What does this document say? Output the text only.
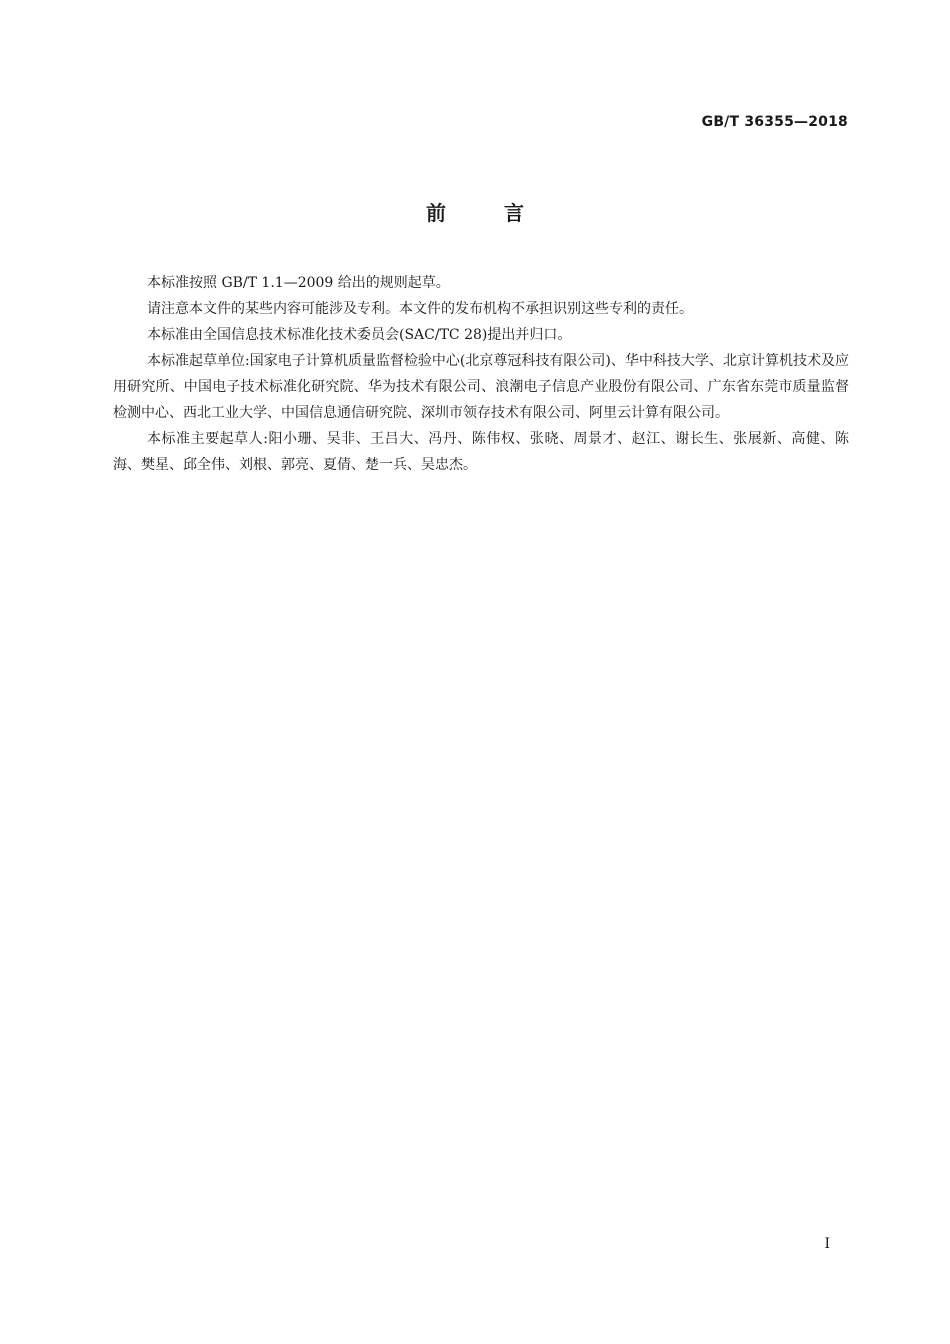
GB/T 36355—2018
前	言

本标准按照 GB/T 1.1—2009 给出的规则起草。

请注意本文件的某些内容可能涉及专利。本文件的发布机构不承担识别这些专利的责任。

本标准由全国信息技术标准化技术委员会(SAC/TC 28)提出并归口。

本标准起草单位:国家电子计算机质量监督检验中心(北京尊冠科技有限公司)、华中科技大学、北京计算机技术及应用研究所、中国电子技术标准化研究院、华为技术有限公司、浪潮电子信息产业股份有限公司、广东省东莞市质量监督检测中心、西北工业大学、中国信息通信研究院、深圳市领存技术有限公司、阿里云计算有限公司。

本标准主要起草人:阳小珊、吴非、王吕大、冯丹、陈伟权、张晓、周景才、赵江、谢长生、张展新、高健、陈海、樊星、邱全伟、刘根、郭亮、夏倩、楚一兵、吴忠杰。

I
